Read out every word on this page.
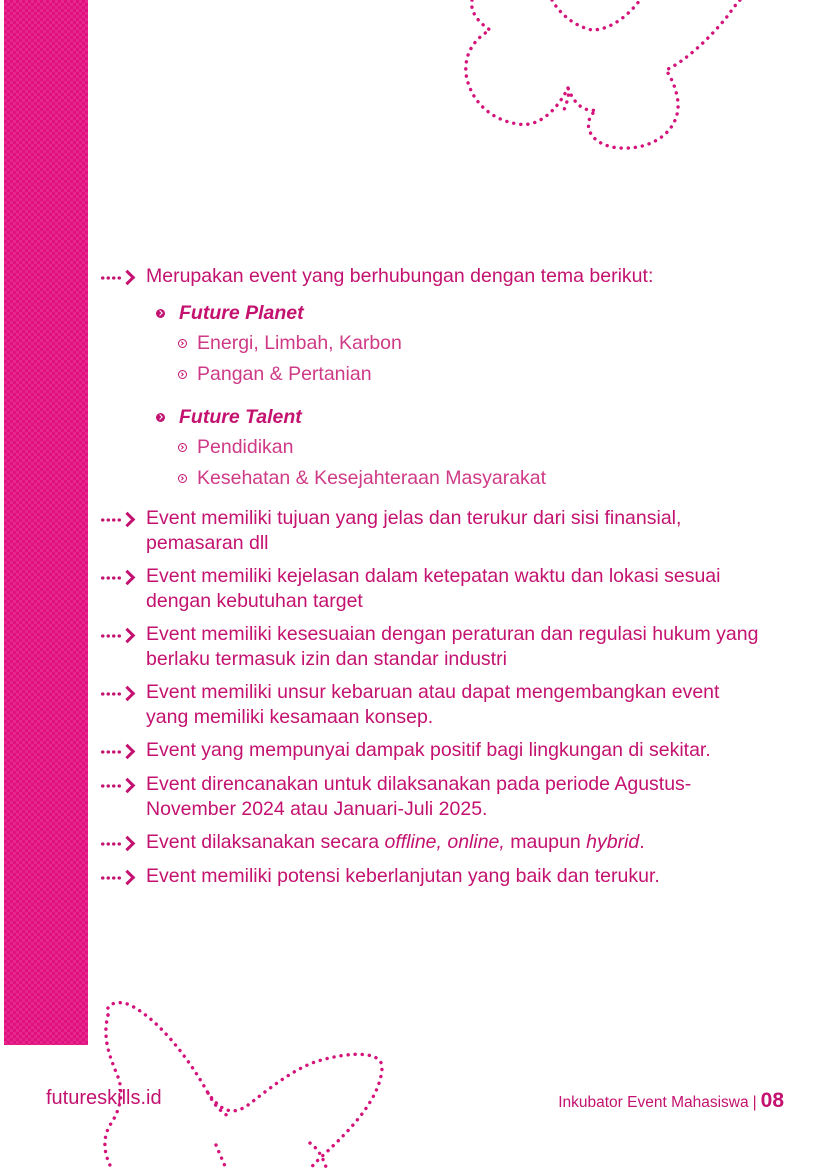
Merupakan event yang berhubungan dengan tema berikut:
Future Planet
Energi, Limbah, Karbon
Pangan & Pertanian
Future Talent
Pendidikan
Kesehatan & Kesejahteraan Masyarakat
Event memiliki tujuan yang jelas dan terukur dari sisi finansial, pemasaran dll
Event memiliki kejelasan dalam ketepatan waktu dan lokasi sesuai dengan kebutuhan target
Event memiliki kesesuaian dengan peraturan dan regulasi hukum yang berlaku termasuk izin dan standar industri
Event memiliki unsur kebaruan atau dapat mengembangkan event yang memiliki kesamaan konsep.
Event yang mempunyai dampak positif bagi lingkungan di sekitar.
Event direncanakan untuk dilaksanakan pada periode Agustus-November 2024 atau Januari-Juli 2025.
Event dilaksanakan secara offline, online, maupun hybrid.
Event memiliki potensi keberlanjutan yang baik dan terukur.
futureskills.id	Inkubator Event Mahasiswa | 08
